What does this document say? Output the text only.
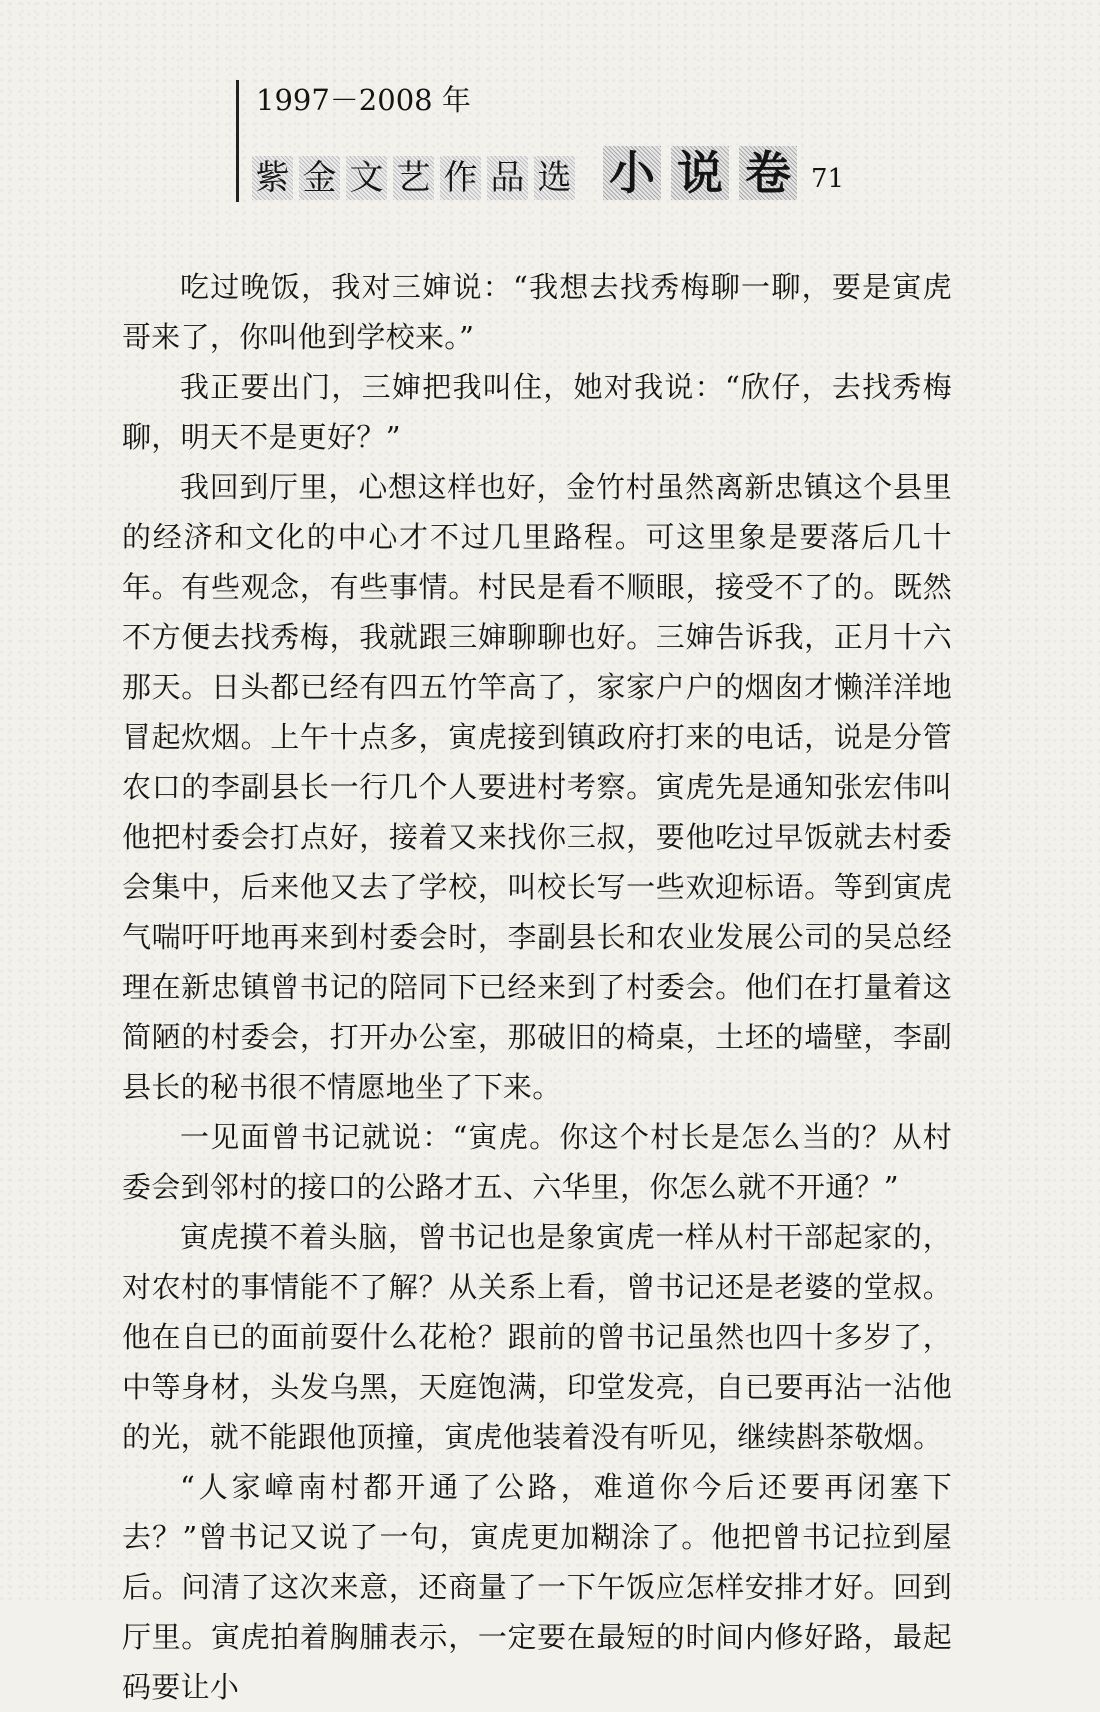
1997－2008 年
紫 金 文 艺 作 品 选 小 说 卷 71

吃过晚饭，我对三婶说：“我想去找秀梅聊一聊，要是寅虎哥来了，你叫他到学校来。”

我正要出门，三婶把我叫住，她对我说：“欣仔，去找秀梅聊，明天不是更好？”

我回到厅里，心想这样也好，金竹村虽然离新忠镇这个县里的经济和文化的中心才不过几里路程。可这里象是要落后几十年。有些观念，有些事情。村民是看不顺眼，接受不了的。既然不方便去找秀梅，我就跟三婶聊聊也好。三婶告诉我，正月十六那天。日头都已经有四五竹竿高了，家家户户的烟囱才懒洋洋地冒起炊烟。上午十点多，寅虎接到镇政府打来的电话，说是分管农口的李副县长一行几个人要进村考察。寅虎先是通知张宏伟叫他把村委会打点好，接着又来找你三叔，要他吃过早饭就去村委会集中，后来他又去了学校，叫校长写一些欢迎标语。等到寅虎气喘吁吁地再来到村委会时，李副县长和农业发展公司的吴总经理在新忠镇曾书记的陪同下已经来到了村委会。他们在打量着这简陋的村委会，打开办公室，那破旧的椅桌，土坯的墙壁，李副县长的秘书很不情愿地坐了下来。

一见面曾书记就说：“寅虎。你这个村长是怎么当的？从村委会到邻村的接口的公路才五、六华里，你怎么就不开通？”

寅虎摸不着头脑，曾书记也是象寅虎一样从村干部起家的，对农村的事情能不了解？从关系上看，曾书记还是老婆的堂叔。他在自已的面前耍什么花枪？跟前的曾书记虽然也四十多岁了，中等身材，头发乌黑，天庭饱满，印堂发亮，自已要再沾一沾他的光，就不能跟他顶撞，寅虎他装着没有听见，继续斟茶敬烟。

“人家嶂南村都开通了公路，难道你今后还要再闭塞下去？”曾书记又说了一句，寅虎更加糊涂了。他把曾书记拉到屋后。问清了这次来意，还商量了一下午饭应怎样安排才好。回到厅里。寅虎拍着胸脯表示，一定要在最短的时间内修好路，最起码要让小
